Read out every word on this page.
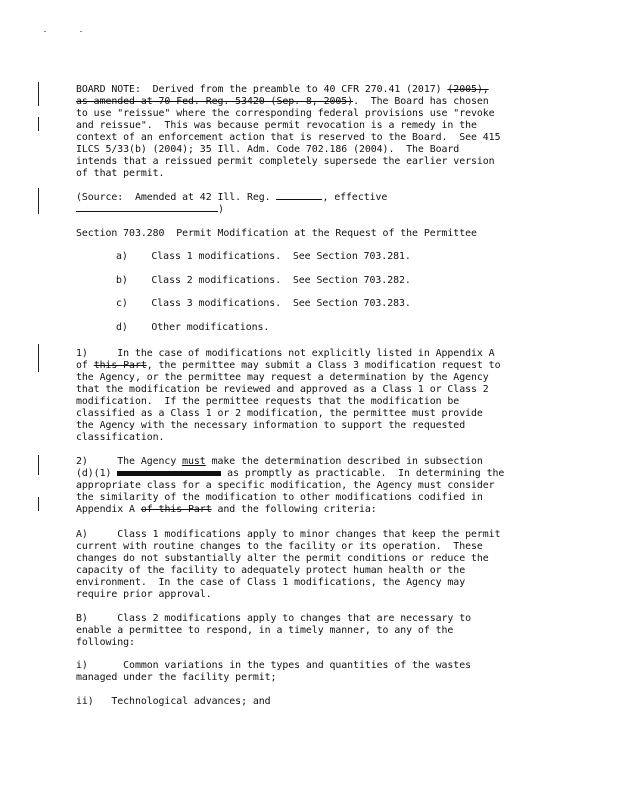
BOARD NOTE:  Derived from the preamble to 40 CFR 270.41 (2017) (2005),
as amended at 70 Fed. Reg. 53420 (Sep. 8, 2005).  The Board has chosen
to use "reissue" where the corresponding federal provisions use "revoke
and reissue".  This was because permit revocation is a remedy in the
context of an enforcement action that is reserved to the Board.  See 415
ILCS 5/33(b) (2004); 35 Ill. Adm. Code 702.186 (2004).  The Board
intends that a reissued permit completely supersede the earlier version
of that permit.
(Source:  Amended at 42 Ill. Reg.	, effective
)
Section 703.280  Permit Modification at the Request of the Permittee
a) Class 1 modifications.  See Section 703.281.
b) Class 2 modifications.  See Section 703.282.
c) Class 3 modifications.  See Section 703.283.
d) Other modifications.
1)     In the case of modifications not explicitly listed in Appendix A
of this Part, the permittee may submit a Class 3 modification request to
the Agency, or the permittee may request a determination by the Agency
that the modification be reviewed and approved as a Class 1 or Class 2
modification.  If the permittee requests that the modification be
classified as a Class 1 or 2 modification, the permittee must provide
the Agency with the necessary information to support the requested
classification.
2)     The Agency must make the determination described in subsection
(d)(1)	as promptly as practicable.  In determining the
appropriate class for a specific modification, the Agency must consider
the similarity of the modification to other modifications codified in
Appendix A of this Part and the following criteria:
A)     Class 1 modifications apply to minor changes that keep the permit
current with routine changes to the facility or its operation.  These
changes do not substantially alter the permit conditions or reduce the
capacity of the facility to adequately protect human health or the
environment.  In the case of Class 1 modifications, the Agency may
require prior approval.
B)     Class 2 modifications apply to changes that are necessary to
enable a permittee to respond, in a timely manner, to any of the
following:
i)      Common variations in the types and quantities of the wastes
managed under the facility permit;
ii)   Technological advances; and
